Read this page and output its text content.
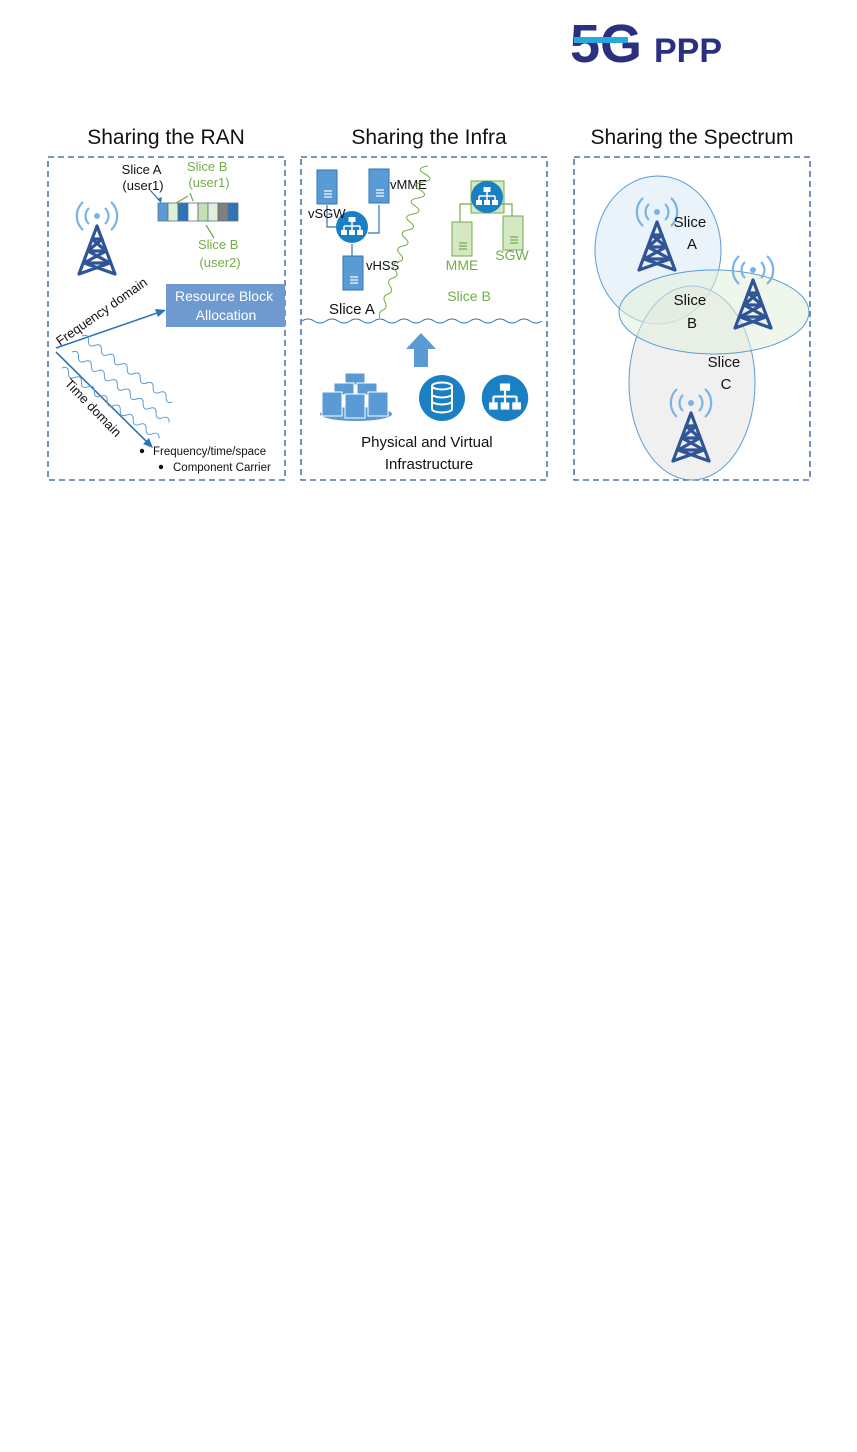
5G PPP
Sharing the RAN	Sharing the Infra	Sharing the Spectrum
Slice A (user1)
Slice B (user1)
Slice B (user2)
Resource Block Allocation
Frequency domain
Time domain
Frequency/time/space
Component Carrier
vSGW
vMME
vHSS
Slice A
MME
SGW
Slice B
Physical and Virtual Infrastructure
Slice A
Slice B
Slice C
